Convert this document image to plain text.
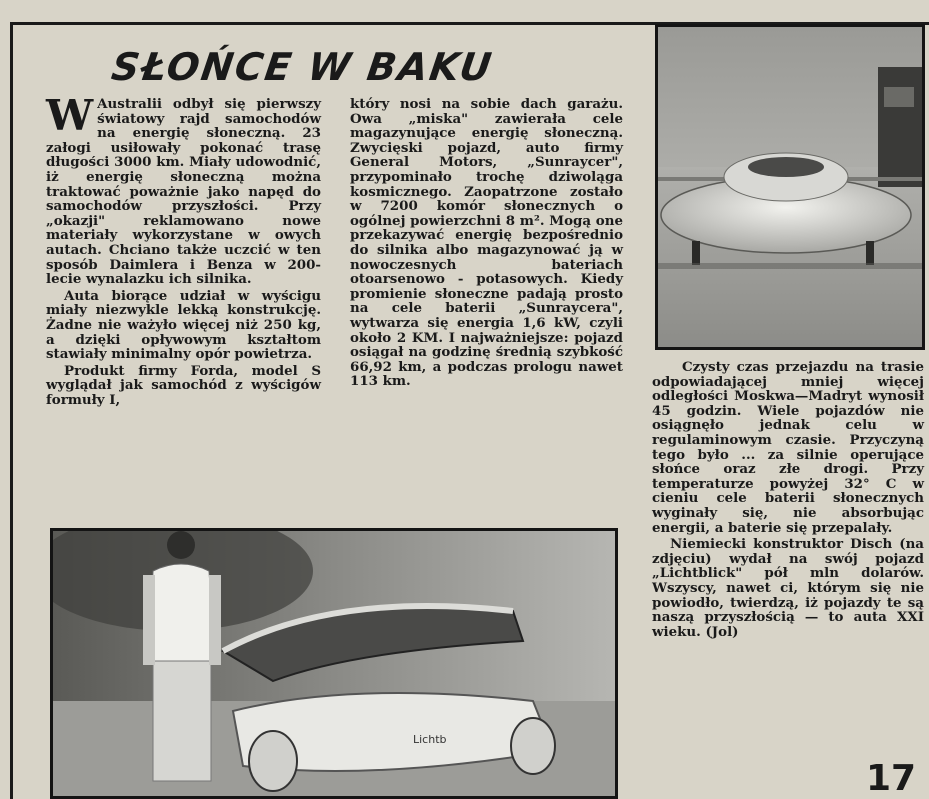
SŁOŃCE W BAKU

W Australii odbył się pierwszy światowy rajd samochodów na energię słoneczną. 23 załogi usiłowały pokonać trasę długości 3000 km. Miały udowodnić, iż energię słoneczną można traktować poważnie jako napęd do samochodów przyszłości. Przy „okazji" reklamowano nowe materiały wykorzystane w owych autach. Chciano także uczcić w ten sposób Daimlera i Benza w 200-lecie wynalazku ich silnika.

Auta biorące udział w wyścigu miały niezwykle lekką konstrukcję. Żadne nie ważyło więcej niż 250 kg, a dzięki opływowym kształtom stawiały minimalny opór powietrza.

Produkt firmy Forda, model S wyglądał jak samochód z wyścigów formuły I,

który nosi na sobie dach garażu. Owa „miska" zawierała cele magazynujące energię słoneczną. Zwycięski pojazd, auto firmy General Motors, „Sunraycer", przypominało trochę dziwoląga kosmicznego. Zaopatrzone zostało w 7200 komór słonecznych o ogólnej powierzchni 8 m². Mogą one przekazywać energię bezpośrednio do silnika albo magazynować ją w nowoczesnych bateriach otoarsenowo - potasowych. Kiedy promienie słoneczne padają prosto na cele baterii „Sunraycera", wytwarza się energia 1,6 kW, czyli około 2 KM. I najważniejsze: pojazd osiągał na godzinę średnią szybkość 66,92 km, a podczas prologu nawet 113 km.

Czysty czas przejazdu na trasie odpowiadającej mniej więcej odległości Moskwa—Madryt wynosił 45 godzin. Wiele pojazdów nie osiągnęło jednak celu w regulaminowym czasie. Przyczyną tego było ... za silnie operujące słońce oraz złe drogi. Przy temperaturze powyżej 32° C w cieniu cele baterii słonecznych wyginały się, nie absorbując energii, a baterie się przepalały.

Niemiecki konstruktor Disch (na zdjęciu) wydał na swój pojazd „Lichtblick" pół mln dolarów. Wszyscy, nawet ci, którym się nie powiodło, twierdzą, iż pojazdy te są naszą przyszłością — to auta XXI wieku. (Jol)

Lichtb
17
